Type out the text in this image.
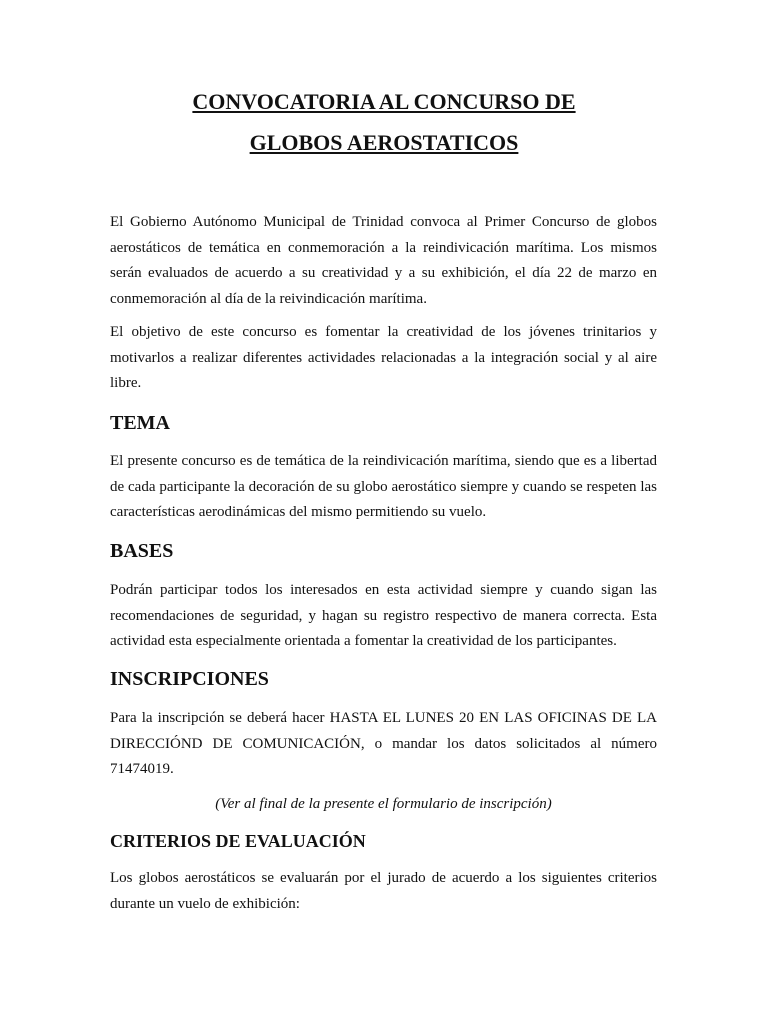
CONVOCATORIA AL CONCURSO DE
GLOBOS AEROSTATICOS

El Gobierno Autónomo Municipal de Trinidad convoca al Primer Concurso de globos aerostáticos de temática en conmemoración a la reindivicación marítima. Los mismos serán evaluados de acuerdo a su creatividad y a su exhibición, el día 22 de marzo en conmemoración al día de la reivindicación marítima.

El objetivo de este concurso es fomentar la creatividad de los jóvenes trinitarios y motivarlos a realizar diferentes actividades relacionadas a la integración social y al aire libre.

TEMA

El presente concurso es de temática de la reindivicación marítima, siendo que es a libertad de cada participante la decoración de su globo aerostático siempre y cuando se respeten las características aerodinámicas del mismo permitiendo su vuelo.

BASES

Podrán participar todos los interesados en esta actividad siempre y cuando sigan las recomendaciones de seguridad, y hagan su registro respectivo de manera correcta. Esta actividad esta especialmente orientada a fomentar la creatividad de los participantes.

INSCRIPCIONES

Para la inscripción se deberá hacer HASTA EL LUNES 20 EN LAS OFICINAS DE LA DIRECCIÓND DE COMUNICACIÓN, o mandar los datos solicitados al número 71474019.

(Ver al final de la presente el formulario de inscripción)

CRITERIOS DE EVALUACIÓN

Los globos aerostáticos se evaluarán por el jurado de acuerdo a los siguientes criterios durante un vuelo de exhibición:
